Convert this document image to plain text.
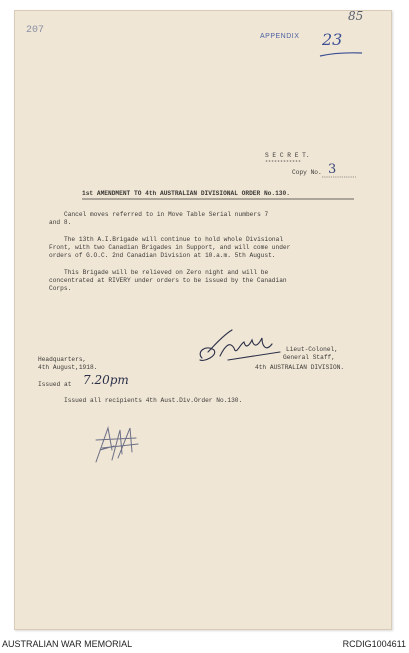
207
APPENDIX 23
85
S E C R E T.
°°°°°°°°°°°°
Copy No. 3
1st AMENDMENT TO 4th AUSTRALIAN DIVISIONAL ORDER No.130.
Cancel moves referred to in Move Table Serial numbers 7
and 8.
The 13th A.I.Brigade will continue to hold whole Divisional
Front, with two Canadian Brigades in Support, and will come under
orders of G.O.C. 2nd Canadian Division at 10.a.m. 5th August.
This Brigade will be relieved on Zero night and will be
concentrated at RIVERY under orders to be issued by the Canadian
Corps.
Lieut-Colonel,
General Staff,
4th AUSTRALIAN DIVISION.
Headquarters,
4th August,1918.
Issued at 7.20pm
Issued all recipients 4th Aust.Div.Order No.130.
AUSTRALIAN WAR MEMORIAL	RCDIG1004611
